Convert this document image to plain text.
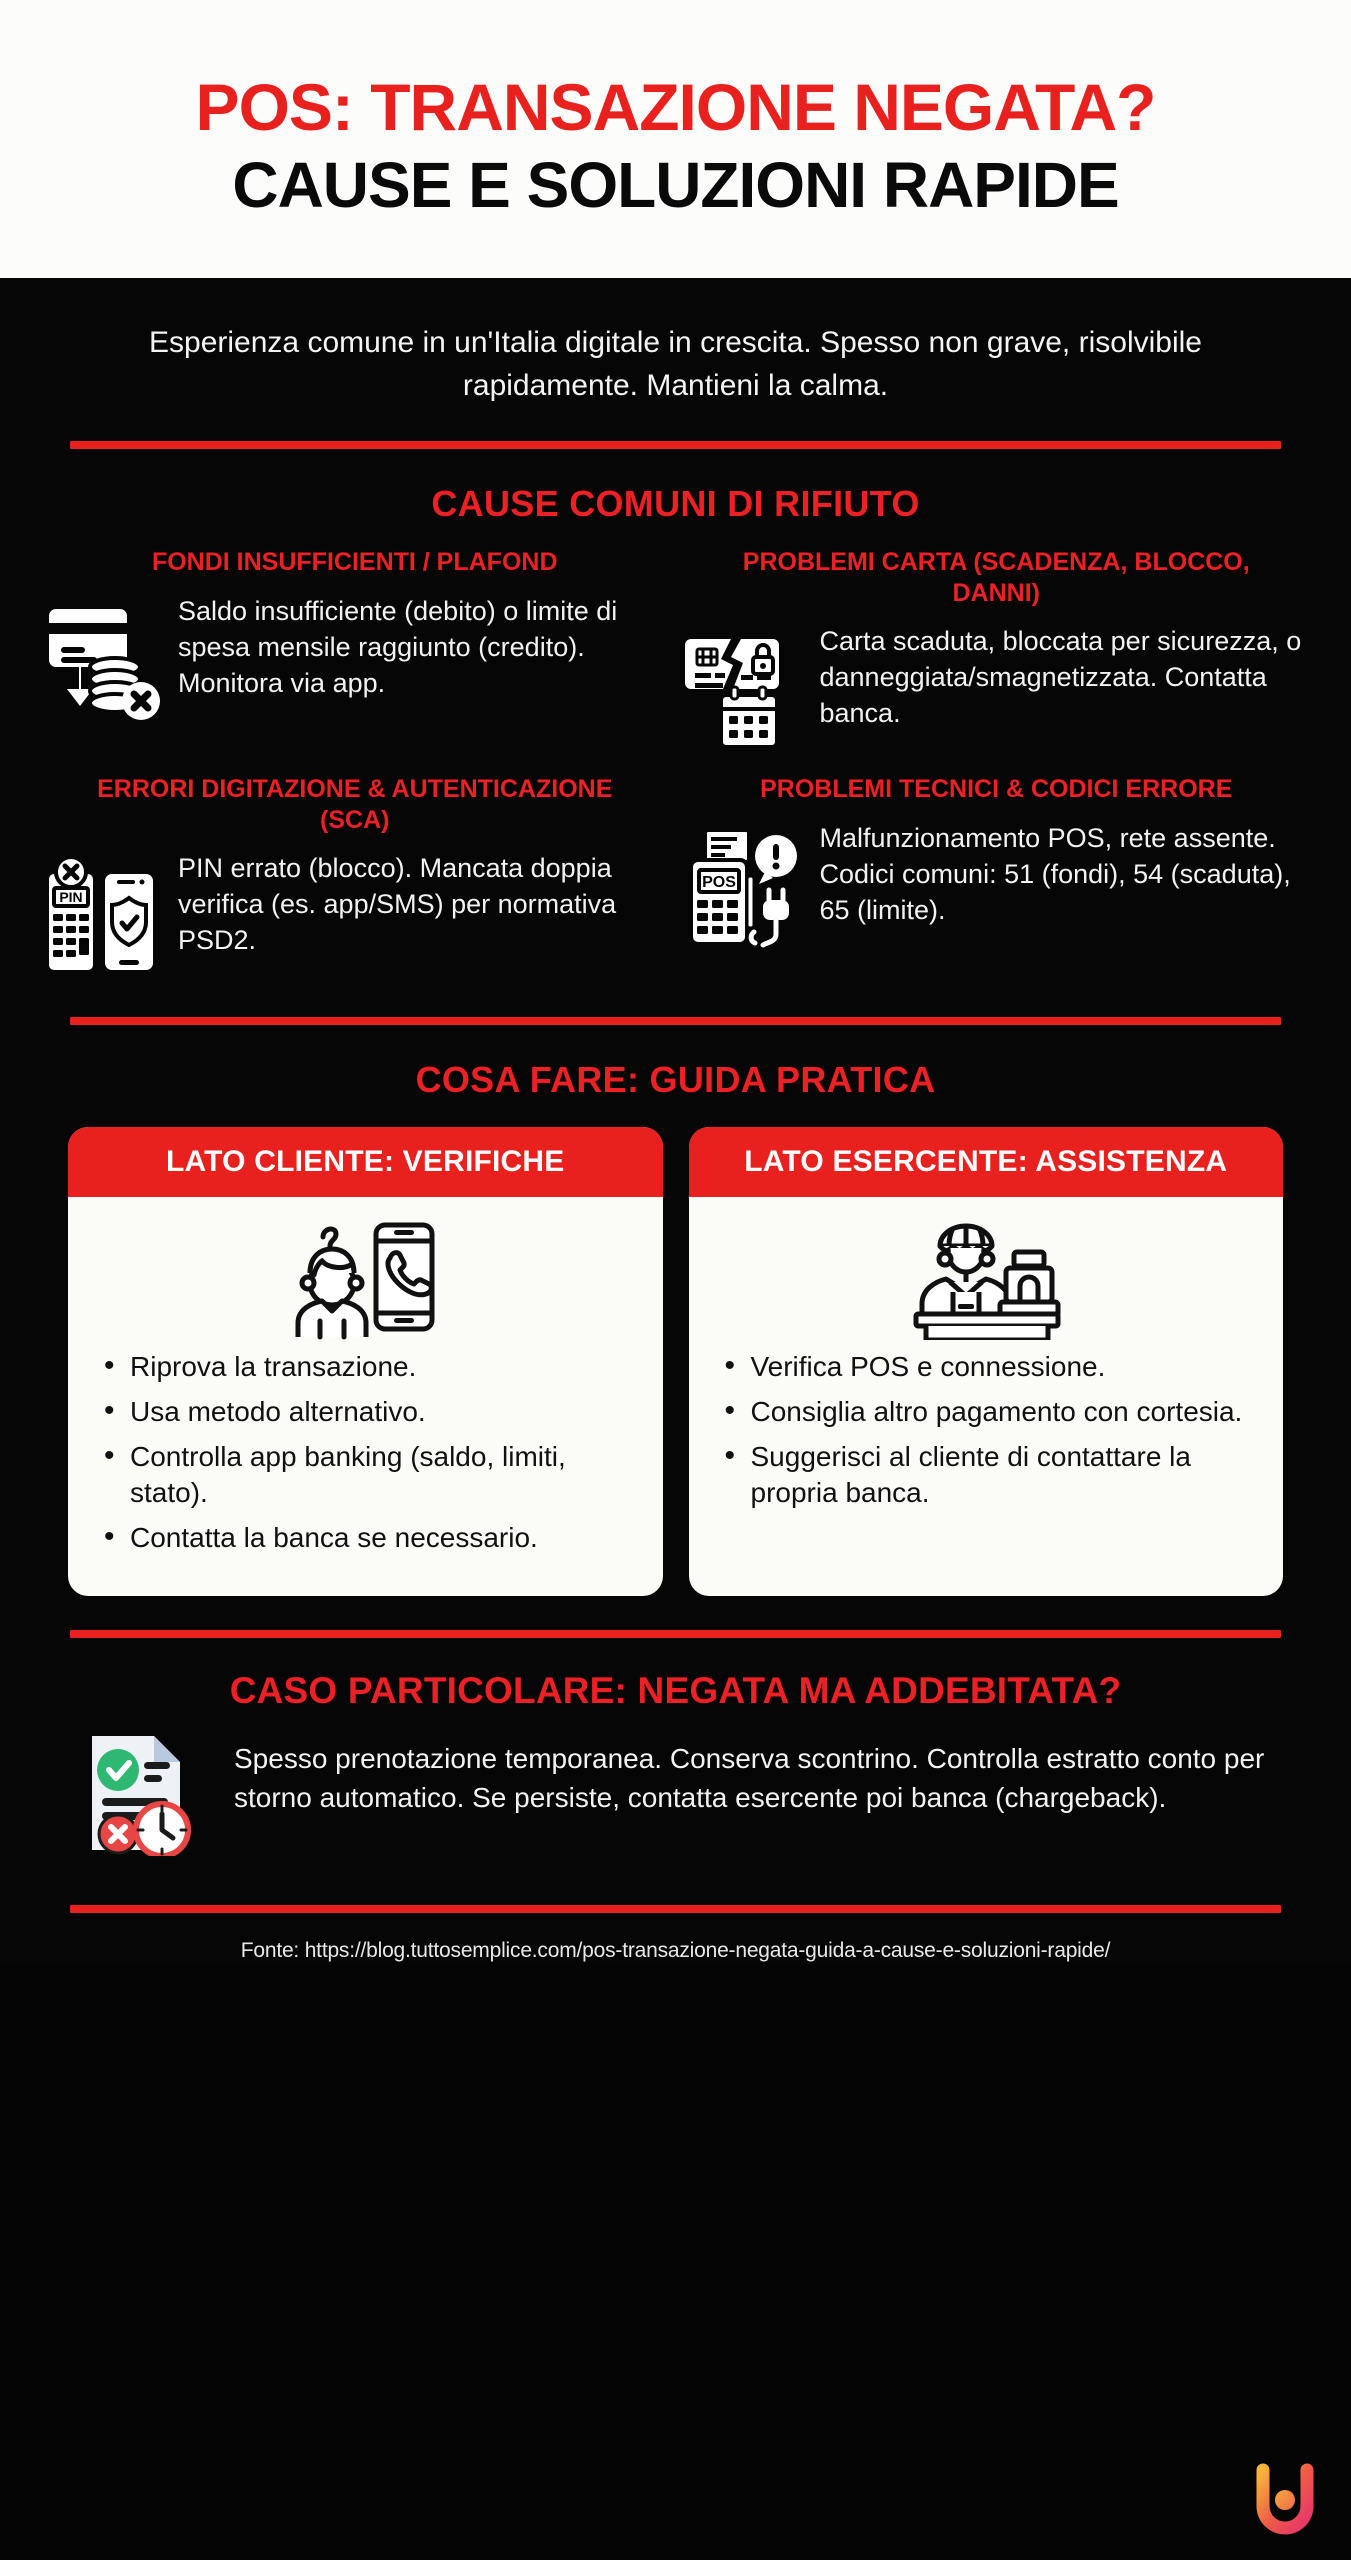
POS: TRANSAZIONE NEGATA?
CAUSE E SOLUZIONI RAPIDE
Esperienza comune in un'Italia digitale in crescita. Spesso non grave, risolvibile rapidamente. Mantieni la calma.
CAUSE COMUNI DI RIFIUTO
FONDI INSUFFICIENTI / PLAFOND
Saldo insufficiente (debito) o limite di spesa mensile raggiunto (credito). Monitora via app.
PROBLEMI CARTA (SCADENZA, BLOCCO, DANNI)
Carta scaduta, bloccata per sicurezza, o danneggiata/smagnetizzata. Contatta banca.
ERRORI DIGITAZIONE & AUTENTICAZIONE (SCA)
PIN
PIN errato (blocco). Mancata doppia verifica (es. app/SMS) per normativa PSD2.
PROBLEMI TECNICI & CODICI ERRORE
POS
Malfunzionamento POS, rete assente. Codici comuni: 51 (fondi), 54 (scaduta), 65 (limite).
COSA FARE: GUIDA PRATICA
LATO CLIENTE: VERIFICHE
• Riprova la transazione.
• Usa metodo alternativo.
• Controlla app banking (saldo, limiti, stato).
• Contatta la banca se necessario.
LATO ESERCENTE: ASSISTENZA
• Verifica POS e connessione.
• Consiglia altro pagamento con cortesia.
• Suggerisci al cliente di contattare la propria banca.
CASO PARTICOLARE: NEGATA MA ADDEBITATA?
Spesso prenotazione temporanea. Conserva scontrino. Controlla estratto conto per storno automatico. Se persiste, contatta esercente poi banca (chargeback).
Fonte: https://blog.tuttosemplice.com/pos-transazione-negata-guida-a-cause-e-soluzioni-rapide/
